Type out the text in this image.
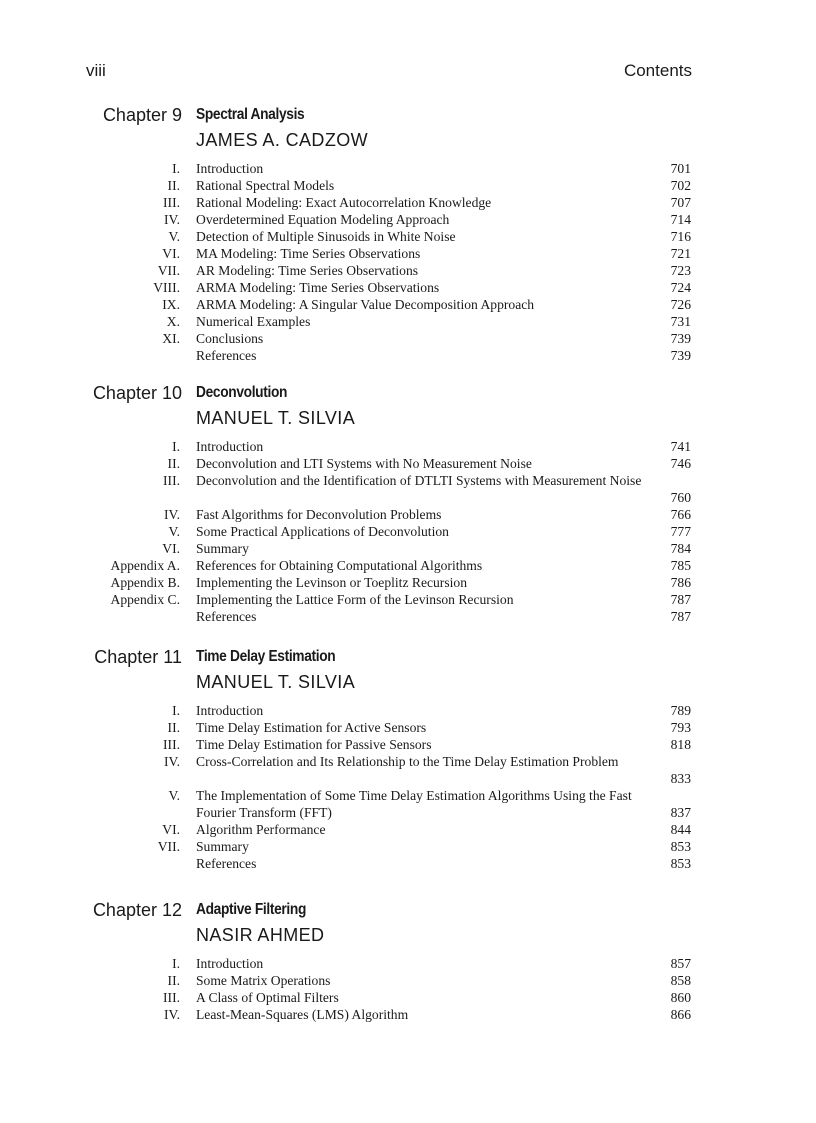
viii	Contents
Chapter 9 Spectral Analysis
JAMES A. CADZOW
I. Introduction	701
II. Rational Spectral Models	702
III. Rational Modeling: Exact Autocorrelation Knowledge	707
IV. Overdetermined Equation Modeling Approach	714
V. Detection of Multiple Sinusoids in White Noise	716
VI. MA Modeling: Time Series Observations	721
VII. AR Modeling: Time Series Observations	723
VIII. ARMA Modeling: Time Series Observations	724
IX. ARMA Modeling: A Singular Value Decomposition Approach	726
X. Numerical Examples	731
XI. Conclusions	739
References	739
Chapter 10 Deconvolution
MANUEL T. SILVIA
I. Introduction	741
II. Deconvolution and LTI Systems with No Measurement Noise	746
III. Deconvolution and the Identification of DTLTI Systems with Measurement Noise
760
IV. Fast Algorithms for Deconvolution Problems	766
V. Some Practical Applications of Deconvolution	777
VI. Summary	784
Appendix A. References for Obtaining Computational Algorithms	785
Appendix B. Implementing the Levinson or Toeplitz Recursion	786
Appendix C. Implementing the Lattice Form of the Levinson Recursion	787
References	787
Chapter 11 Time Delay Estimation
MANUEL T. SILVIA
I. Introduction	789
II. Time Delay Estimation for Active Sensors	793
III. Time Delay Estimation for Passive Sensors	818
IV. Cross-Correlation and Its Relationship to the Time Delay Estimation Problem
833
V. The Implementation of Some Time Delay Estimation Algorithms Using the Fast Fourier Transform (FFT)	837
VI. Algorithm Performance	844
VII. Summary	853
References	853
Chapter 12 Adaptive Filtering
NASIR AHMED
I. Introduction	857
II. Some Matrix Operations	858
III. A Class of Optimal Filters	860
IV. Least-Mean-Squares (LMS) Algorithm	866
